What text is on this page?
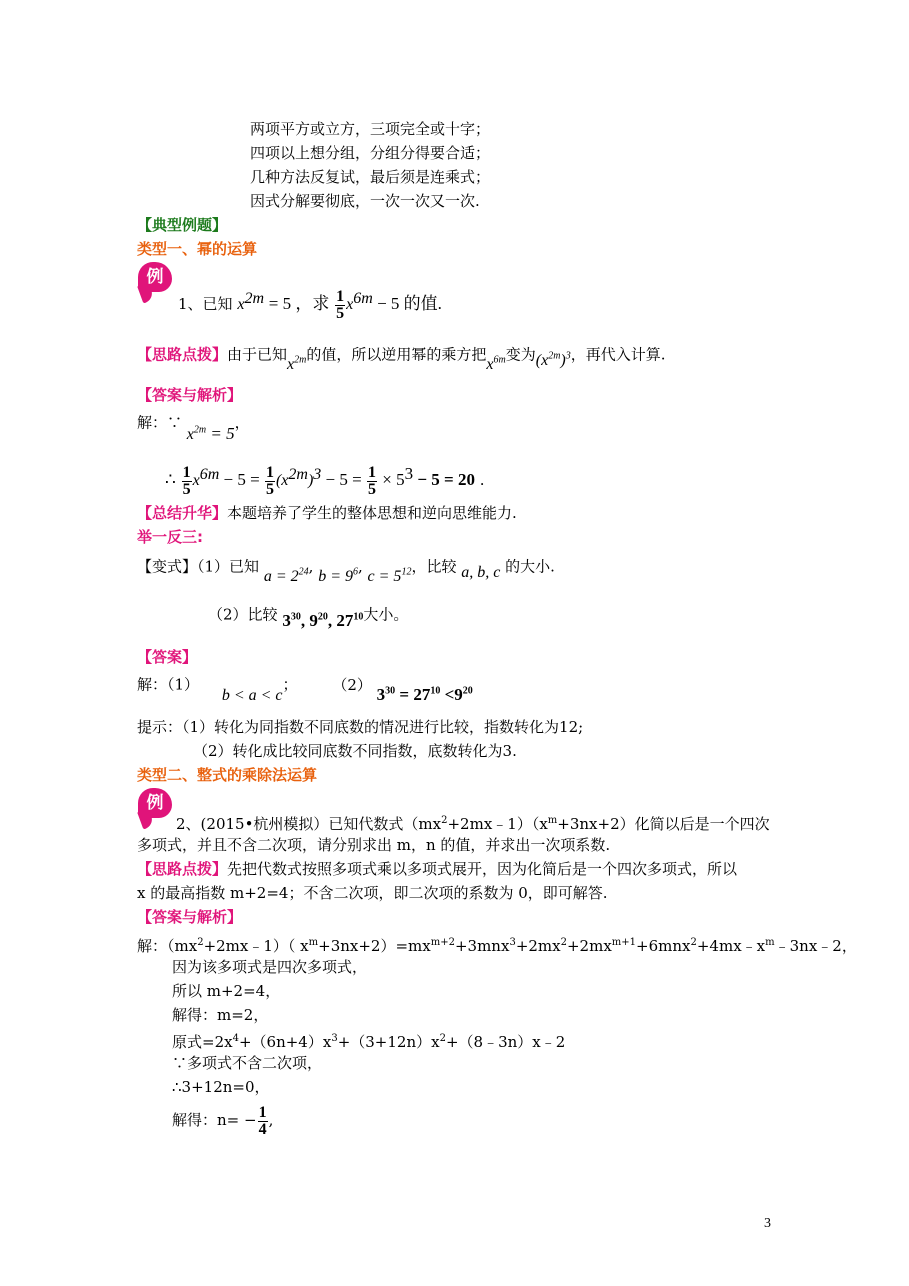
两项平方或立方，三项完全或十字；
四项以上想分组，分组分得要合适；
几种方法反复试，最后须是连乘式；
因式分解要彻底，一次一次又一次.
【典型例题】
类型一、幂的运算
例
1、已知 $x^{2m} = 5$ ，求 $\frac{1}{5} x^{6m} - 5$ 的值.
【思路点拨】由于已知$x^{2m}$的值，所以逆用幂的乘方把$x^{6m}$变为$(x^{2m})^3$，再代入计算.
【答案与解析】
解：∵ $x^{2m} = 5$，
∴ $\frac{1}{5} x^{6m} - 5 = \frac{1}{5} (x^{2m})^3 - 5 = \frac{1}{5} \times 5^3 - 5 = 20$ .
【总结升华】本题培养了学生的整体思想和逆向思维能力.
举一反三:
【变式】（1）已知 $a = 2^{24}$, $b = 9^6$, $c = 5^{12}$，比较 a, b, c 的大小.
（2）比较 $3^{30}$, $9^{20}$, $27^{10}$大小。
【答案】
解：（1） b < a < c； （2） $3^{30} = 27^{10} <9^{20}$
提示：（1）转化为同指数不同底数的情况进行比较，指数转化为12;
（2）转化成比较同底数不同指数，底数转化为3.
类型二、整式的乘除法运算
例
2、(2015•杭州模拟）已知代数式$(mx^2+2mx﹣1)(x^m+3nx+2)$化简以后是一个四次
多项式，并且不含二次项，请分别求出 m，n 的值，并求出一次项系数.
【思路点拨】先把代数式按照多项式乘以多项式展开，因为化简后是一个四次多项式，所以
x 的最高指数 m+2=4；不含二次项，即二次项的系数为 0，即可解答.
【答案与解析】
解：$(mx^2+2mx﹣1)$（ $x^m+3nx+2)=mx^{m+2}+3mnx^3+2mx^2+2mx^{m+1}+6mnx^2+4mx﹣x^m﹣3nx﹣2$，
因为该多项式是四次多项式，
所以 m+2=4，
解得：m=2，
原式$=2x^4+(6n+4)x^3+(3+12n)x^2+(8﹣3n)x﹣2$
∵多项式不含二次项，
∴3+12n=0，
解得：$n= - \frac{1}{4}$ ,
3
